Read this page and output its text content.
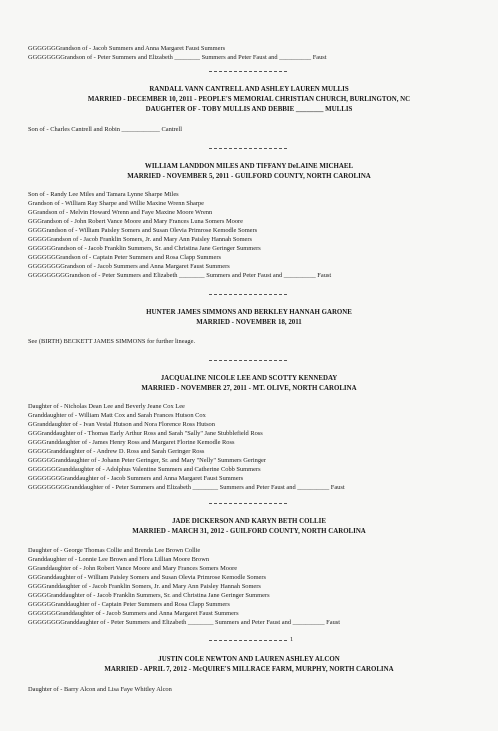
GGGGGGGrandson of - Jacob Summers and Anna Margaret Faust Summers
GGGGGGGGrandson of - Peter Summers and Elizabeth ________ Summers and Peter Faust and __________ Faust
RANDALL VANN CANTRELL AND ASHLEY LAUREN MULLIS
MARRIED - DECEMBER 10, 2011 - PEOPLE'S MEMORIAL CHRISTIAN CHURCH, BURLINGTON, NC
DAUGHTER OF - TOBY MULLIS AND DEBBIE ________ MULLIS
Son of - Charles Cantrell and Robin ____________ Cantrell
WILLIAM LANDDON MILES AND TIFFANY DeLAINE MICHAEL
MARRIED - NOVEMBER 5, 2011 - GUILFORD COUNTY, NORTH CAROLINA
Son of - Randy Lee Miles and Tamara Lynne Sharpe Miles
Grandson of - William Ray Sharpe and Willie Maxine Wrenn Sharpe
GGrandson of - Melvin Howard Wrenn and Faye Maxine Moore Wrenn
GGGrandson of - John Robert Vance Moore and Mary Frances Luna Somers Moore
GGGGrandson of - William Paisley Somers and Susan Olevia Primrose Kemodle Somers
GGGGGrandson of - Jacob Franklin Somers, Jr. and Mary Ann Paisley Hannah Somers
GGGGGGrandson of - Jacob Franklin Summers, Sr. and Christina Jane Geringer Summers
GGGGGGGrandson of - Captain Peter Summers and Rosa Clapp Summers
GGGGGGGGrandson of - Jacob Summers and Anna Margaret Faust Summers
GGGGGGGGGrandson of - Peter Summers and Elizabeth ________ Summers and Peter Faust and __________ Faust
HUNTER JAMES SIMMONS AND BERKLEY HANNAH GARONE
MARRIED - NOVEMBER 18, 2011
See (BIRTH) BECKETT JAMES SIMMONS for further lineage.
JACQUALINE NICOLE LEE AND SCOTTY KENNEDAY
MARRIED - NOVEMBER 27, 2011 - MT. OLIVE, NORTH CAROLINA
Daughter of - Nicholas Dean Lee and Beverly Jeane Cox Lee
Granddaughter of - William Matt Cox and Sarah Frances Hutson Cox
GGranddaughter of - Ivan Vestal Hutson and Nora Florence Ross Hutson
GGGranddaughter of - Thomas Early Arthur Ross and Sarah "Sally" Jane Stubblefield Ross
GGGGranddaughter of - James Henry Ross and Margaret Florine Kemodle Ross
GGGGGranddaughter of - Andrew D. Ross and Sarah Geringer Ross
GGGGGGranddaughter of - Johann Peter Geringer, Sr. and Mary "Nelly" Summers Geringer
GGGGGGGranddaughter of - Adolphus Valentine Summers and Catherine Cobb Summers
GGGGGGGGranddaughter of - Jacob Summers and Anna Margaret Faust Summers
GGGGGGGGGranddaughter of - Peter Summers and Elizabeth ________ Summers and Peter Faust and __________ Faust
JADE DICKERSON AND KARYN BETH COLLIE
MARRIED - MARCH 31, 2012 - GUILFORD COUNTY, NORTH CAROLINA
Daughter of - George Thomas Collie and Brenda Lee Brown Collie
Granddaughter of - Lonnie Lee Brown and Flora Lillian Moore Brown
GGranddaughter of - John Robert Vance Moore and Mary Frances Somers Moore
GGGranddaughter of - William Paisley Somers and Susan Olevia Primrose Kemodle Somers
GGGGranddaughter of - Jacob Franklin Somers, Jr. and Mary Ann Paisley Hannah Somers
GGGGGranddaughter of - Jacob Franklin Summers, Sr. and Christina Jane Geringer Summers
GGGGGGranddaughter of - Captain Peter Summers and Rosa Clapp Summers
GGGGGGGranddaughter of - Jacob Summers and Anna Margaret Faust Summers
GGGGGGGGranddaughter of - Peter Summers and Elizabeth ________ Summers and Peter Faust and __________ Faust
1
JUSTIN COLE NEWTON AND LAUREN ASHLEY ALCON
MARRIED - APRIL 7, 2012 - McQUIRE'S MILLRACE FARM, MURPHY, NORTH CAROLINA
Daughter of - Barry Alcon and Lisa Faye Whitley Alcon
